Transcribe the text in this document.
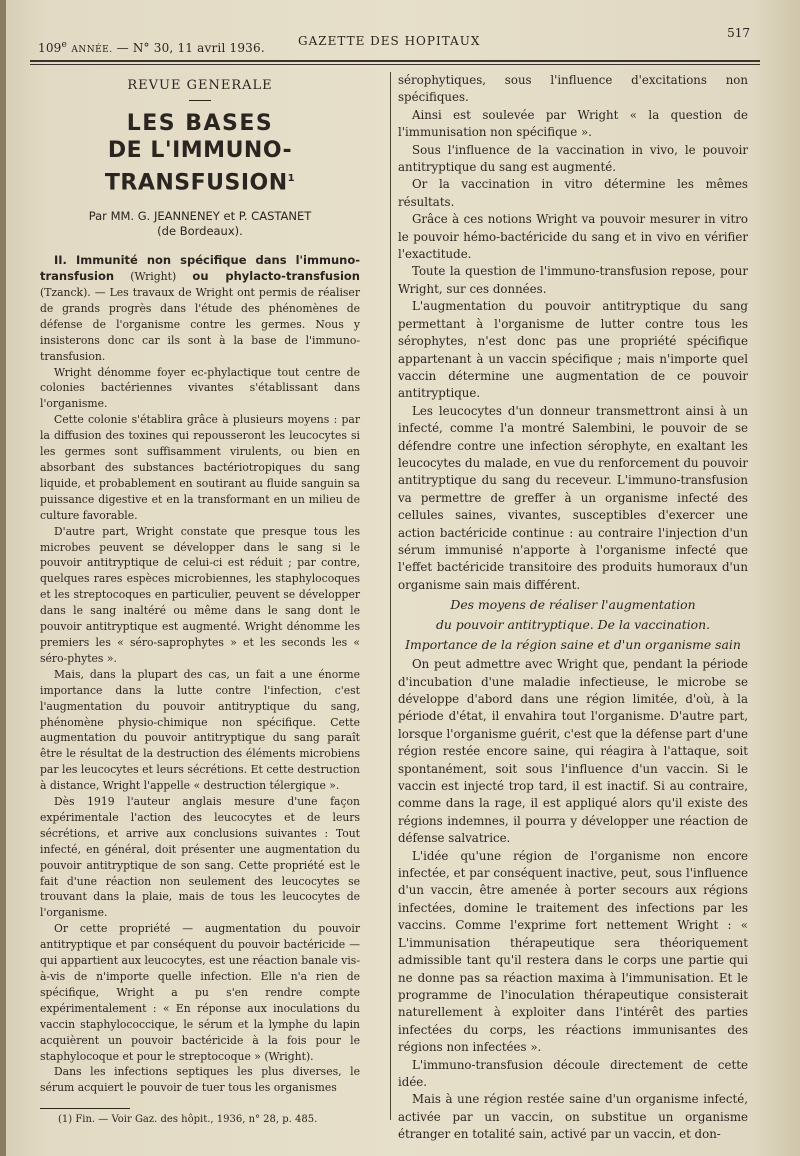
109e ANNÉE. — N° 30, 11 avril 1936.	GAZETTE DES HOPITAUX
517
REVUE GENERALE
LES BASES
DE L'IMMUNO-TRANSFUSION$^1$
Par MM. G. JEANNENEY et P. CASTANET
(de Bordeaux).

II. Immunité non spécifique dans l'immuno-transfusion (Wright) ou phylacto-transfusion (Tzanck). — Les travaux de Wright ont permis de réaliser de grands progrès dans l'étude des phénomènes de défense de l'organisme contre les germes. Nous y insisterons donc car ils sont à la base de l'immuno-transfusion.

Wright dénomme foyer ec-phylactique tout centre de colonies bactériennes vivantes s'établissant dans l'organisme.

Cette colonie s'établira grâce à plusieurs moyens : par la diffusion des toxines qui repousseront les leucocytes si les germes sont suffisamment virulents, ou bien en absorbant des substances bactériotropiques du sang liquide, et probablement en soutirant au fluide sanguin sa puissance digestive et en la transformant en un milieu de culture favorable.

D'autre part, Wright constate que presque tous les microbes peuvent se développer dans le sang si le pouvoir antitryptique de celui-ci est réduit ; par contre, quelques rares espèces microbiennes, les staphylocoques et les streptocoques en particulier, peuvent se développer dans le sang inaltéré ou même dans le sang dont le pouvoir antitryptique est augmenté. Wright dénomme les premiers les « séro-saprophytes » et les seconds les « séro-phytes ».

Mais, dans la plupart des cas, un fait a une énorme importance dans la lutte contre l'infection, c'est l'augmentation du pouvoir antitryptique du sang, phénomène physio-chimique non spécifique. Cette augmentation du pouvoir antitryptique du sang paraît être le résultat de la destruction des éléments microbiens par les leucocytes et leurs sécrétions. Et cette destruction à distance, Wright l'appelle « destruction télergique ».

Dès 1919 l'auteur anglais mesure d'une façon expérimentale l'action des leucocytes et de leurs sécrétions, et arrive aux conclusions suivantes : Tout infecté, en général, doit présenter une augmentation du pouvoir antitryptique de son sang. Cette propriété est le fait d'une réaction non seulement des leucocytes se trouvant dans la plaie, mais de tous les leucocytes de l'organisme.

Or cette propriété — augmentation du pouvoir antitryptique et par conséquent du pouvoir bactéricide — qui appartient aux leucocytes, est une réaction banale vis-à-vis de n'importe quelle infection. Elle n'a rien de spécifique, Wright a pu s'en rendre compte expérimentalement : « En réponse aux inoculations du vaccin staphylococcique, le sérum et la lymphe du lapin acquièrent un pouvoir bactéricide à la fois pour le staphylocoque et pour le streptocoque » (Wright).

Dans les infections septiques les plus diverses, le sérum acquiert le pouvoir de tuer tous les organismes

sérophytiques, sous l'influence d'excitations non spécifiques.

Ainsi est soulevée par Wright « la question de l'immunisation non spécifique ».

Sous l'influence de la vaccination in vivo, le pouvoir antitryptique du sang est augmenté.

Or la vaccination in vitro détermine les mêmes résultats.

Grâce à ces notions Wright va pouvoir mesurer in vitro le pouvoir hémo-bactéricide du sang et in vivo en vérifier l'exactitude.

Toute la question de l'immuno-transfusion repose, pour Wright, sur ces données.

L'augmentation du pouvoir antitryptique du sang permettant à l'organisme de lutter contre tous les sérophytes, n'est donc pas une propriété spécifique appartenant à un vaccin spécifique ; mais n'importe quel vaccin détermine une augmentation de ce pouvoir antitryptique.

Les leucocytes d'un donneur transmettront ainsi à un infecté, comme l'a montré Salembini, le pouvoir de se défendre contre une infection sérophyte, en exaltant les leucocytes du malade, en vue du renforcement du pouvoir antitryptique du sang du receveur. L'immuno-transfusion va permettre de greffer à un organisme infecté des cellules saines, vivantes, susceptibles d'exercer une action bactéricide continue : au contraire l'injection d'un sérum immunisé n'apporte à l'organisme infecté que l'effet bactéricide transitoire des produits humoraux d'un organisme sain mais différent.

Des moyens de réaliser l'augmentation
du pouvoir antitryptique. De la vaccination.
Importance de la région saine et d'un organisme sain

On peut admettre avec Wright que, pendant la période d'incubation d'une maladie infectieuse, le microbe se développe d'abord dans une région limitée, d'où, à la période d'état, il envahira tout l'organisme. D'autre part, lorsque l'organisme guérit, c'est que la défense part d'une région restée encore saine, qui réagira à l'attaque, soit spontanément, soit sous l'influence d'un vaccin. Si le vaccin est injecté trop tard, il est inactif. Si au contraire, comme dans la rage, il est appliqué alors qu'il existe des régions indemnes, il pourra y développer une réaction de défense salvatrice.

L'idée qu'une région de l'organisme non encore infectée, et par conséquent inactive, peut, sous l'influence d'un vaccin, être amenée à porter secours aux régions infectées, domine le traitement des infections par les vaccins. Comme l'exprime fort nettement Wright : « L'immunisation thérapeutique sera théoriquement admissible tant qu'il restera dans le corps une partie qui ne donne pas sa réaction maxima à l'immunisation. Et le programme de l'inoculation thérapeutique consisterait naturellement à exploiter dans l'intérêt des parties infectées du corps, les réactions immunisantes des régions non infectées ».

L'immuno-transfusion découle directement de cette idée.

Mais à une région restée saine d'un organisme infecté, activée par un vaccin, on substitue un organisme étranger en totalité sain, activé par un vaccin, et don-

(1) Fin. — Voir Gaz. des hôpit., 1936, n° 28, p. 485.
